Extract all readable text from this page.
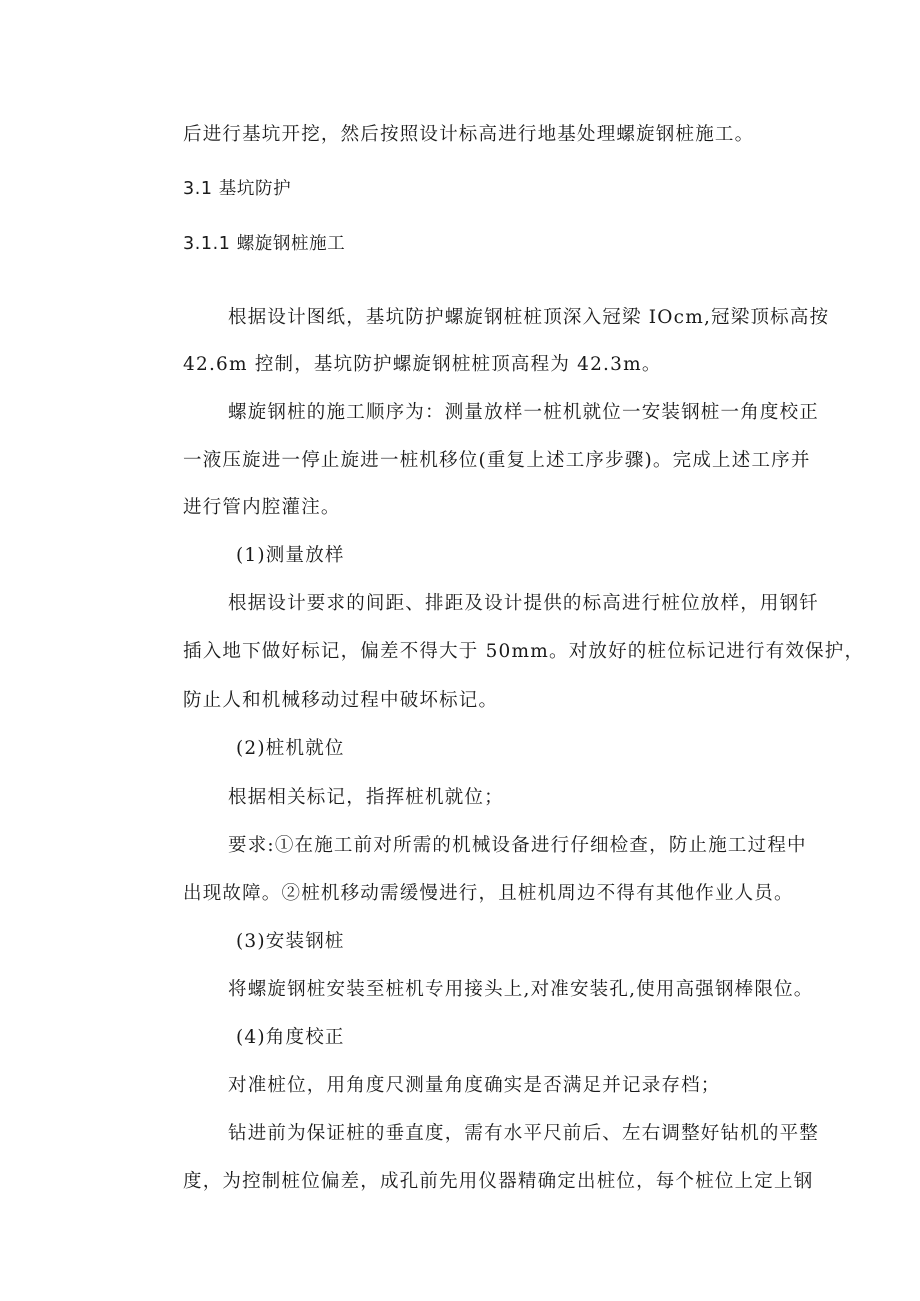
后进行基坑开挖，然后按照设计标高进行地基处理螺旋钢桩施工。
3.1 基坑防护
3.1.1 螺旋钢桩施工
根据设计图纸，基坑防护螺旋钢桩桩顶深入冠梁 IOcm,冠梁顶标高按
42.6m 控制，基坑防护螺旋钢桩桩顶高程为 42.3m。
螺旋钢桩的施工顺序为：测量放样一桩机就位一安装钢桩一角度校正
一液压旋进一停止旋进一桩机移位(重复上述工序步骤)。完成上述工序并
进行管内腔灌注。
(1)测量放样
根据设计要求的间距、排距及设计提供的标高进行桩位放样，用钢钎
插入地下做好标记，偏差不得大于 50mm。对放好的桩位标记进行有效保护，
防止人和机械移动过程中破坏标记。
(2)桩机就位
根据相关标记，指挥桩机就位；
要求:①在施工前对所需的机械设备进行仔细检查，防止施工过程中
出现故障。②桩机移动需缓慢进行，且桩机周边不得有其他作业人员。
(3)安装钢桩
将螺旋钢桩安装至桩机专用接头上,对准安装孔,使用高强钢棒限位。
(4)角度校正
对准桩位，用角度尺测量角度确实是否满足并记录存档；
钻进前为保证桩的垂直度，需有水平尺前后、左右调整好钻机的平整
度，为控制桩位偏差，成孔前先用仪器精确定出桩位，每个桩位上定上钢
